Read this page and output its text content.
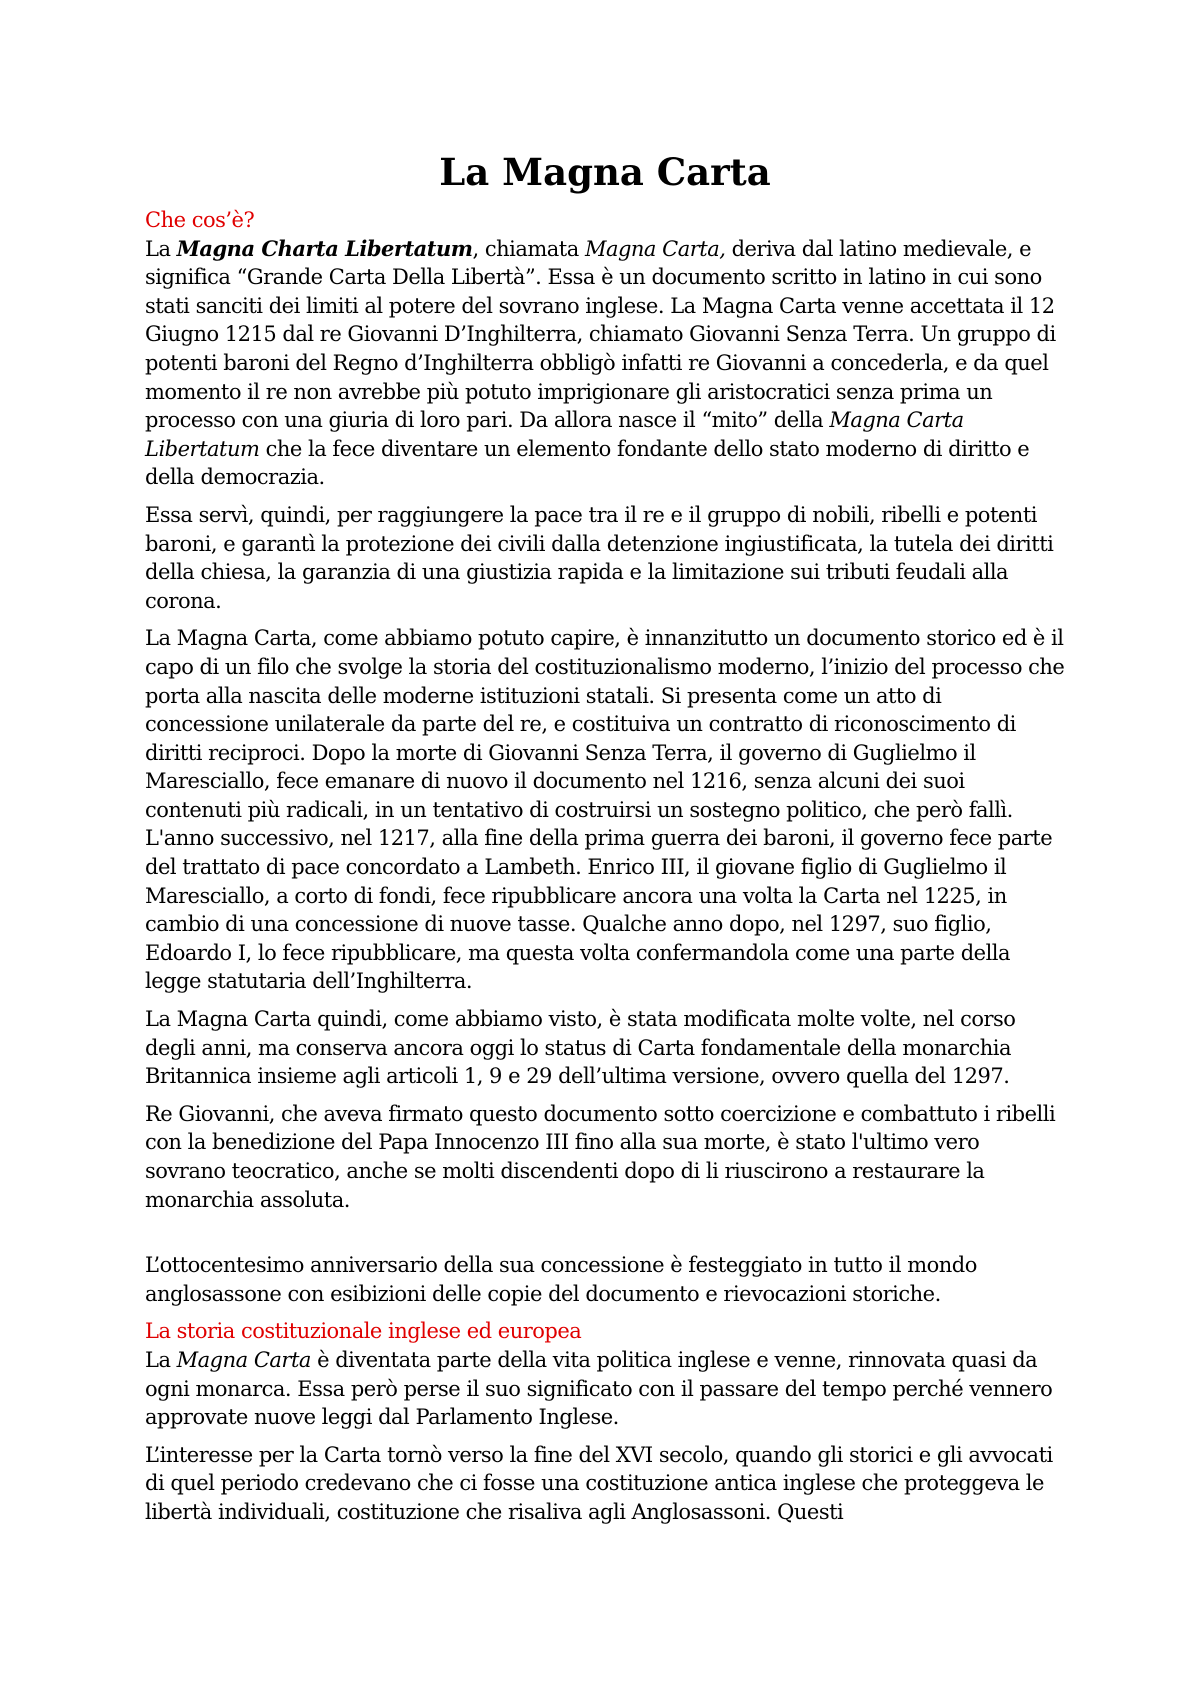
La Magna Carta
Che cos’è?

La Magna Charta Libertatum, chiamata Magna Carta, deriva dal latino medievale, e significa “Grande Carta Della Libertà”. Essa è un documento scritto in latino in cui sono stati sanciti dei limiti al potere del sovrano inglese. La Magna Carta venne accettata il 12 Giugno 1215 dal re Giovanni D’Inghilterra, chiamato Giovanni Senza Terra. Un gruppo di potenti baroni del Regno d’Inghilterra obbligò infatti re Giovanni a concederla, e da quel momento il re non avrebbe più potuto imprigionare gli aristocratici senza prima un processo con una giuria di loro pari. Da allora nasce il “mito” della Magna Carta Libertatum che la fece diventare un elemento fondante dello stato moderno di diritto e della democrazia.

Essa servì, quindi, per raggiungere la pace tra il re e il gruppo di nobili, ribelli e potenti baroni, e garantì la protezione dei civili dalla detenzione ingiustificata, la tutela dei diritti della chiesa, la garanzia di una giustizia rapida e la limitazione sui tributi feudali alla corona.

La Magna Carta, come abbiamo potuto capire, è innanzitutto un documento storico ed è il capo di un filo che svolge la storia del costituzionalismo moderno, l’inizio del processo che porta alla nascita delle moderne istituzioni statali. Si presenta come un atto di concessione unilaterale da parte del re, e costituiva un contratto di riconoscimento di diritti reciproci. Dopo la morte di Giovanni Senza Terra, il governo di Guglielmo il Maresciallo, fece emanare di nuovo il documento nel 1216, senza alcuni dei suoi contenuti più radicali, in un tentativo di costruirsi un sostegno politico, che però fallì. L'anno successivo, nel 1217, alla fine della prima guerra dei baroni, il governo fece parte del trattato di pace concordato a Lambeth. Enrico III, il giovane figlio di Guglielmo il Maresciallo, a corto di fondi, fece ripubblicare ancora una volta la Carta nel 1225, in cambio di una concessione di nuove tasse. Qualche anno dopo, nel 1297, suo figlio, Edoardo I, lo fece ripubblicare, ma questa volta confermandola come una parte della legge statutaria dell’Inghilterra.

La Magna Carta quindi, come abbiamo visto, è stata modificata molte volte, nel corso degli anni, ma conserva ancora oggi lo status di Carta fondamentale della monarchia Britannica insieme agli articoli 1, 9 e 29 dell’ultima versione, ovvero quella del 1297.

Re Giovanni, che aveva firmato questo documento sotto coercizione e combattuto i ribelli con la benedizione del Papa Innocenzo III fino alla sua morte, è stato l'ultimo vero sovrano teocratico, anche se molti discendenti dopo di li riuscirono a restaurare la monarchia assoluta.

L’ottocentesimo anniversario della sua concessione è festeggiato in tutto il mondo anglosassone con esibizioni delle copie del documento e rievocazioni storiche.

La storia costituzionale inglese ed europea

La Magna Carta è diventata parte della vita politica inglese e venne, rinnovata quasi da ogni monarca. Essa però perse il suo significato con il passare del tempo perché vennero approvate nuove leggi dal Parlamento Inglese.

L’interesse per la Carta tornò verso la fine del XVI secolo, quando gli storici e gli avvocati di quel periodo credevano che ci fosse una costituzione antica inglese che proteggeva le libertà individuali, costituzione che risaliva agli Anglosassoni. Questi
